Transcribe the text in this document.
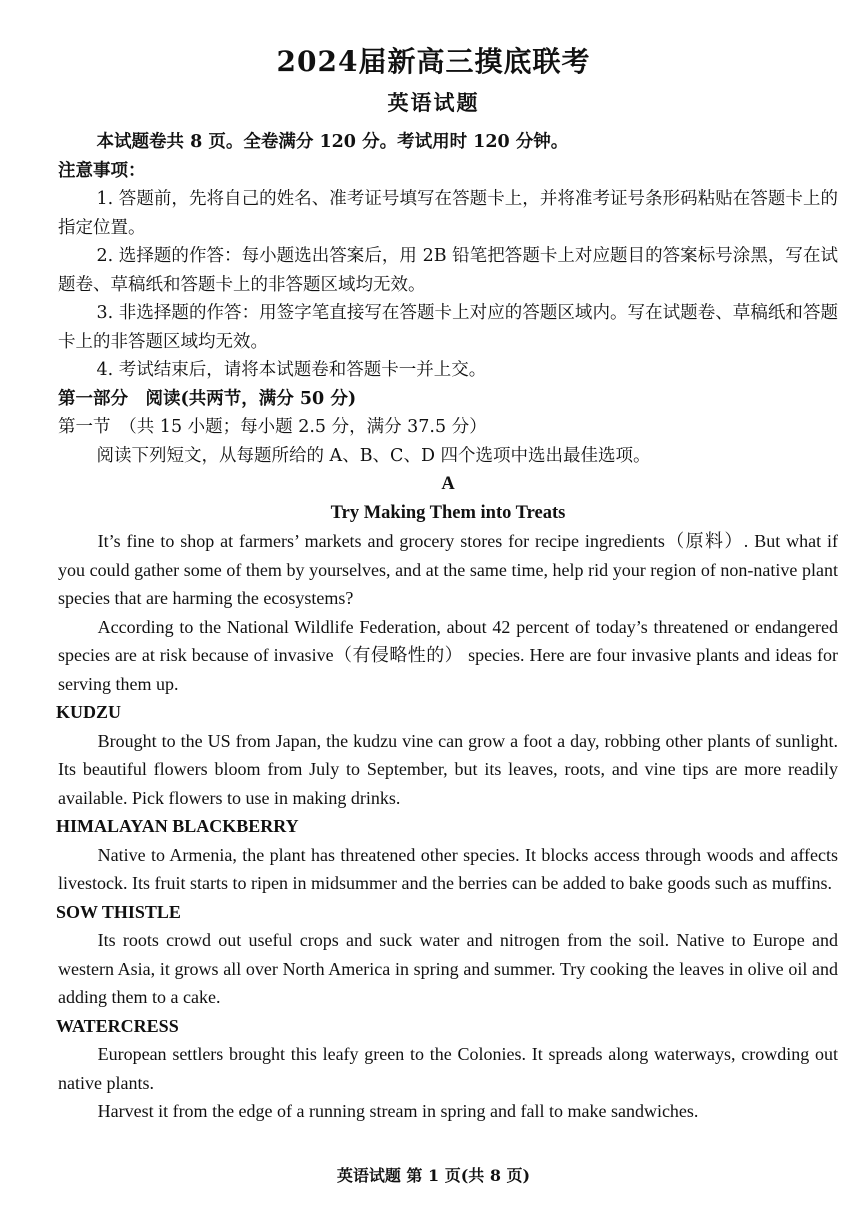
2024届新高三摸底联考
英语试题

本试题卷共 8 页。全卷满分 120 分。考试用时 120 分钟。

注意事项：

1. 答题前，先将自己的姓名、准考证号填写在答题卡上，并将准考证号条形码粘贴在答题卡上的指定位置。

2. 选择题的作答：每小题选出答案后，用 2B 铅笔把答题卡上对应题目的答案标号涂黑，写在试题卷、草稿纸和答题卡上的非答题区域均无效。

3. 非选择题的作答：用签字笔直接写在答题卡上对应的答题区域内。写在试题卷、草稿纸和答题卡上的非答题区域均无效。

4. 考试结束后，请将本试题卷和答题卡一并上交。

第一部分　阅读(共两节，满分 50 分)

第一节　（共 15 小题；每小题 2.5 分，满分 37.5 分）

阅读下列短文，从每题所给的 A、B、C、D 四个选项中选出最佳选项。

A

Try Making Them into Treats

It’s fine to shop at farmers’ markets and grocery stores for recipe ingredients（原料）. But what if you could gather some of them by yourselves, and at the same time, help rid your region of non-native plant species that are harming the ecosystems?

According to the National Wildlife Federation, about 42 percent of today’s threatened or endangered species are at risk because of invasive（有侵略性的） species. Here are four invasive plants and ideas for serving them up.

KUDZU

Brought to the US from Japan, the kudzu vine can grow a foot a day, robbing other plants of sunlight. Its beautiful flowers bloom from July to September, but its leaves, roots, and vine tips are more readily available. Pick flowers to use in making drinks.

HIMALAYAN BLACKBERRY

Native to Armenia, the plant has threatened other species. It blocks access through woods and affects livestock. Its fruit starts to ripen in midsummer and the berries can be added to bake goods such as muffins.

SOW THISTLE

Its roots crowd out useful crops and suck water and nitrogen from the soil. Native to Europe and western Asia, it grows all over North America in spring and summer. Try cooking the leaves in olive oil and adding them to a cake.

WATERCRESS

European settlers brought this leafy green to the Colonies. It spreads along waterways, crowding out native plants.

Harvest it from the edge of a running stream in spring and fall to make sandwiches.

英语试题 第 1 页(共 8 页)
